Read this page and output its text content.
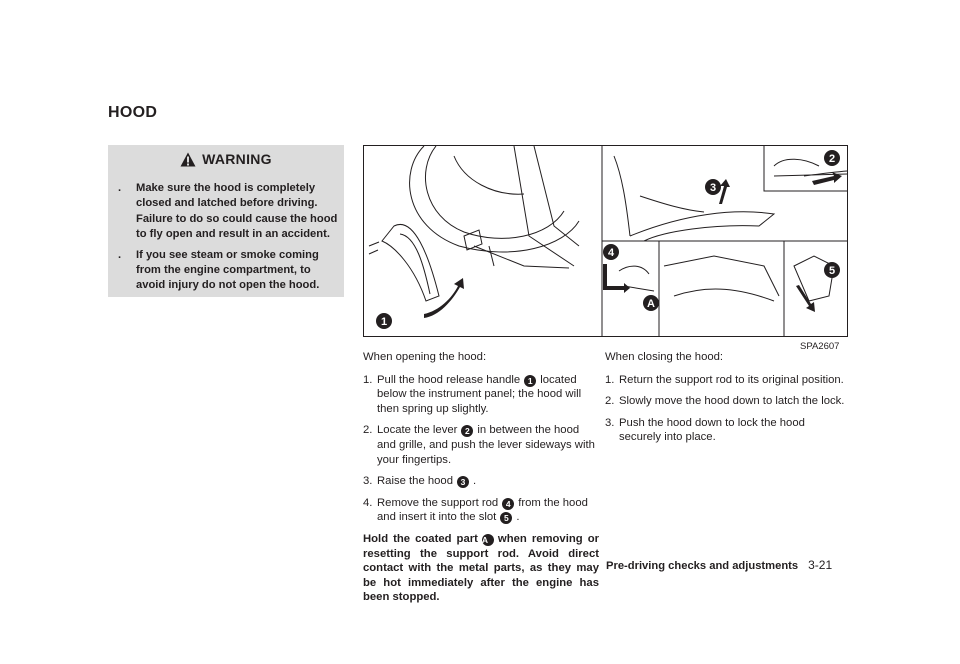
HOOD
WARNING
. Make sure the hood is completely closed and latched before driving. Failure to do so could cause the hood to fly open and result in an accident.
. If you see steam or smoke coming from the engine compartment, to avoid injury do not open the hood.
1
2
3
4
5
A
SPA2607

When opening the hood:

1. Pull the hood release handle 1 located below the instrument panel; the hood will then spring up slightly.

2. Locate the lever 2 in between the hood and grille, and push the lever sideways with your fingertips.

3. Raise the hood 3 .

4. Remove the support rod 4 from the hood and insert it into the slot 5 .

Hold the coated part A when removing or resetting the support rod. Avoid direct contact with the metal parts, as they may be hot immediately after the engine has been stopped.

When closing the hood:

1. Return the support rod to its original position.

2. Slowly move the hood down to latch the lock.

3. Push the hood down to lock the hood securely into place.

Pre-driving checks and adjustments 3-21
